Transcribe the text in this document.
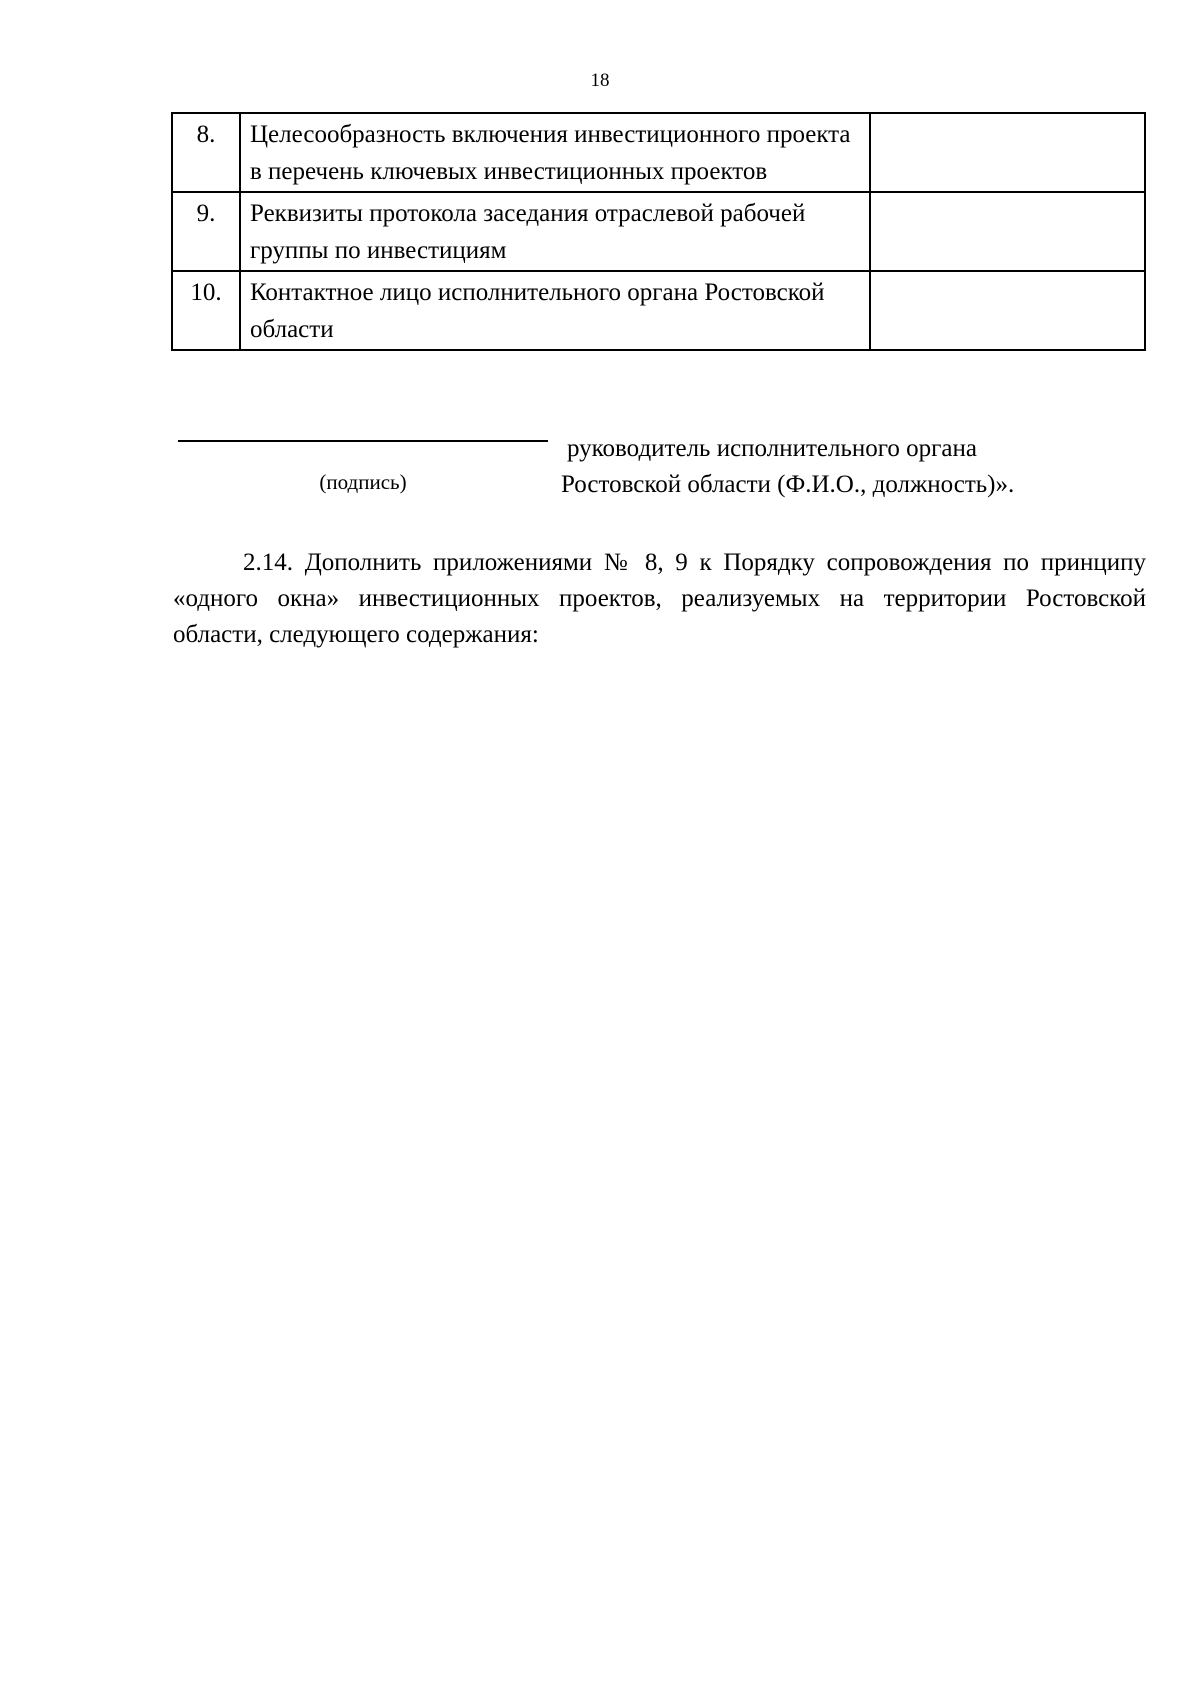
18
8.	Целесообразность включения инвестиционного проекта в перечень ключевых инвестиционных проектов	
9.	Реквизиты протокола заседания отраслевой рабочей группы по инвестициям	
10.	Контактное лицо исполнительного органа Ростовской области	
(подпись)
руководитель исполнительного органа
Ростовской области (Ф.И.О., должность)».

2.14. Дополнить приложениями № 8, 9 к Порядку сопровождения по принципу «одного окна» инвестиционных проектов, реализуемых на территории Ростовской области, следующего содержания:
